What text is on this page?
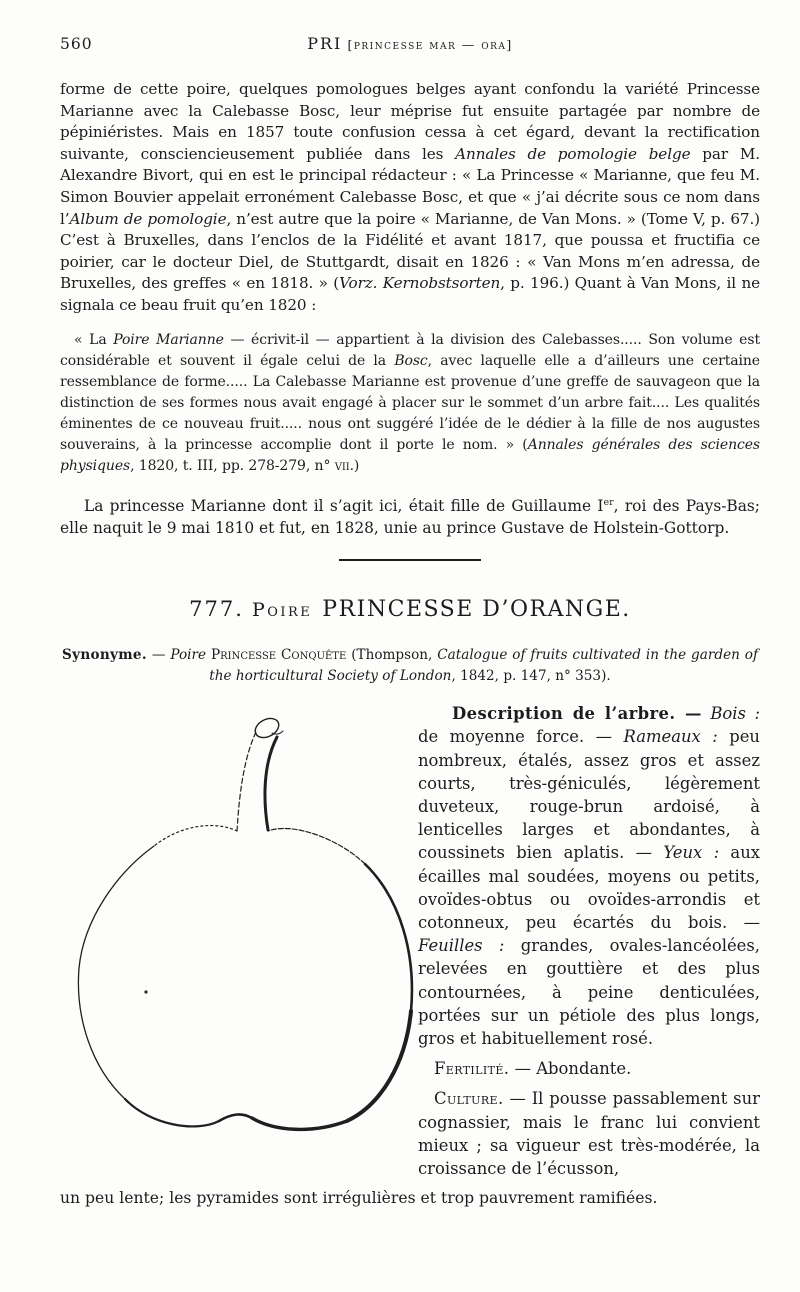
560	PRI [princesse mar — ora]

forme de cette poire, quelques pomologues belges ayant confondu la variété Princesse Marianne avec la Calebasse Bosc, leur méprise fut ensuite partagée par nombre de pépiniéristes. Mais en 1857 toute confusion cessa à cet égard, devant la rectification suivante, consciencieusement publiée dans les Annales de pomologie belge par M. Alexandre Bivort, qui en est le principal rédacteur : « La Princesse « Marianne, que feu M. Simon Bouvier appelait erronément Calebasse Bosc, et que « j’ai décrite sous ce nom dans l’Album de pomologie, n’est autre que la poire « Marianne, de Van Mons. » (Tome V, p. 67.) C’est à Bruxelles, dans l’enclos de la Fidélité et avant 1817, que poussa et fructifia ce poirier, car le docteur Diel, de Stuttgardt, disait en 1826 : « Van Mons m’en adressa, de Bruxelles, des greffes « en 1818. » (Vorz. Kernobstsorten, p. 196.) Quant à Van Mons, il ne signala ce beau fruit qu’en 1820 :

« La Poire Marianne — écrivit-il — appartient à la division des Calebasses..... Son volume est considérable et souvent il égale celui de la Bosc, avec laquelle elle a d’ailleurs une certaine ressemblance de forme..... La Calebasse Marianne est provenue d’une greffe de sauvageon que la distinction de ses formes nous avait engagé à placer sur le sommet d’un arbre fait.... Les qualités éminentes de ce nouveau fruit..... nous ont suggéré l’idée de le dédier à la fille de nos augustes souverains, à la princesse accomplie dont il porte le nom. » (Annales générales des sciences physiques, 1820, t. III, pp. 278-279, n° vii.)

La princesse Marianne dont il s’agit ici, était fille de Guillaume Ier, roi des Pays-Bas; elle naquit le 9 mai 1810 et fut, en 1828, unie au prince Gustave de Holstein-Gottorp.

777. Poire PRINCESSE D’ORANGE.

Synonyme. — Poire Princesse Conquête (Thompson, Catalogue of fruits cultivated in the garden of the horticultural Society of London, 1842, p. 147, n° 353).

Description de l’arbre. — Bois : de moyenne force. — Rameaux : peu nombreux, étalés, assez gros et assez courts, très-géniculés, légèrement duveteux, rouge-brun ardoisé, à lenticelles larges et abondantes, à coussinets bien aplatis. — Yeux : aux écailles mal soudées, moyens ou petits, ovoïdes-obtus ou ovoïdes-arrondis et cotonneux, peu écartés du bois. — Feuilles : grandes, ovales-lancéolées, relevées en gouttière et des plus contournées, à peine denticulées, portées sur un pétiole des plus longs, gros et habituellement rosé.

Fertilité. — Abondante.

Culture. — Il pousse passablement sur cognassier, mais le franc lui convient mieux ; sa vigueur est très-modérée, la croissance de l’écusson,

un peu lente; les pyramides sont irrégulières et trop pauvrement ramifiées.
